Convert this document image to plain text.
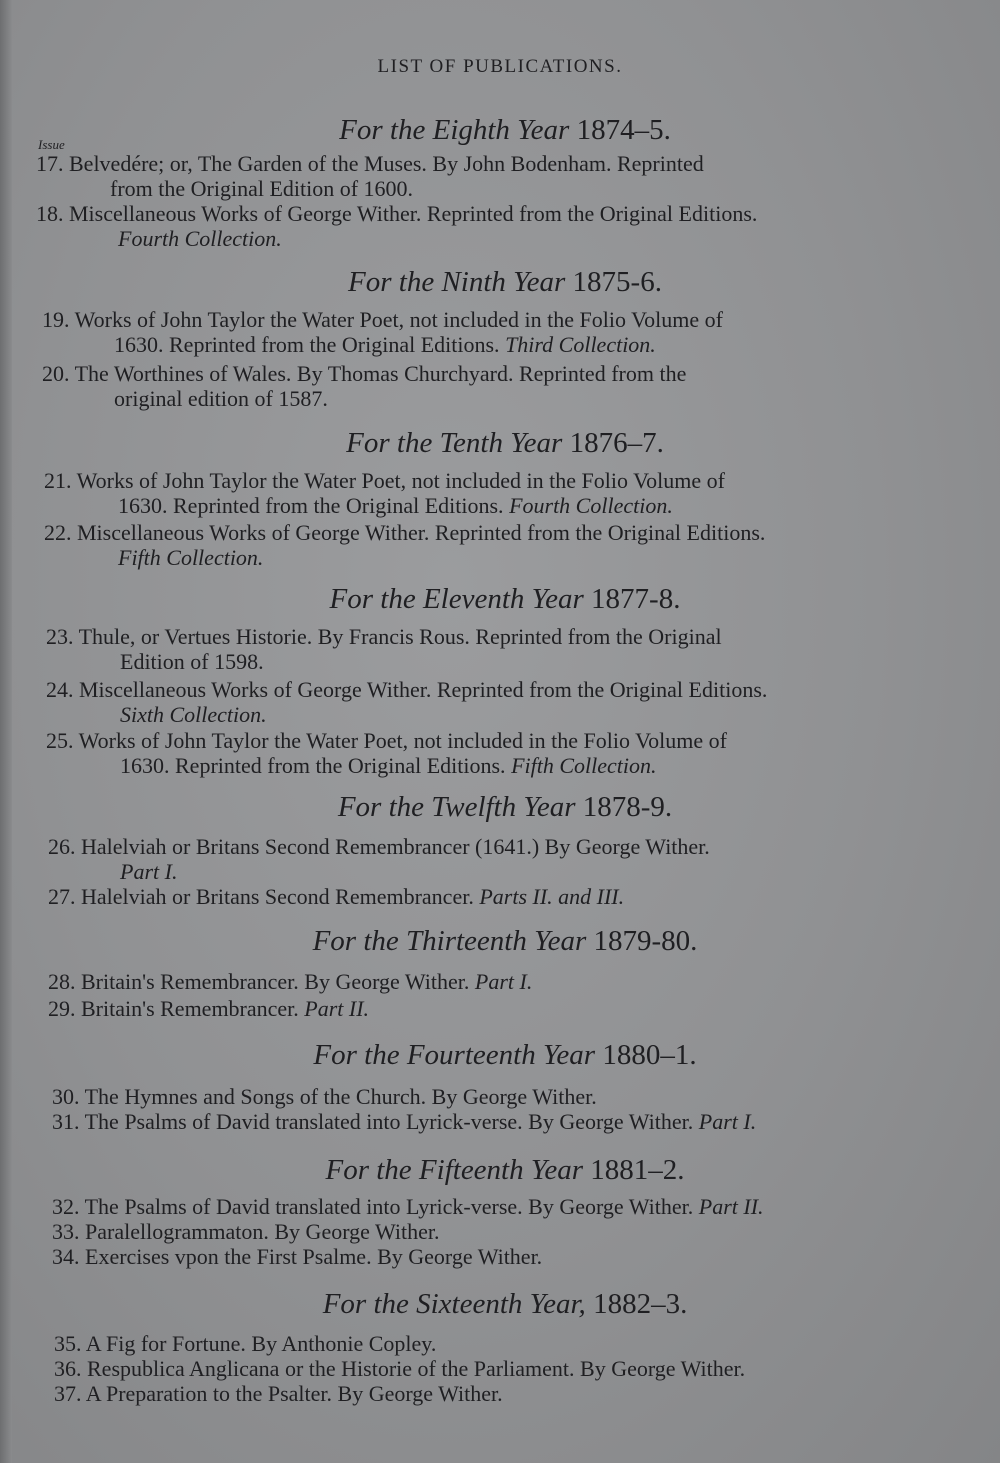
LIST OF PUBLICATIONS.
Issue	For the Eighth Year 1874–5.
For the Ninth Year 1875-6.
For the Tenth Year 1876–7.
For the Eleventh Year 1877-8.
For the Twelfth Year 1878-9.
For the Thirteenth Year 1879-80.
For the Fourteenth Year 1880–1.
For the Fifteenth Year 1881–2.
For the Sixteenth Year, 1882–3.
17. Belvedére; or, The Garden of the Muses. By John Bodenham. Reprinted
from the Original Edition of 1600.
18. Miscellaneous Works of George Wither. Reprinted from the Original Editions.
Fourth Collection.
19. Works of John Taylor the Water Poet, not included in the Folio Volume of
1630. Reprinted from the Original Editions. Third Collection.
20. The Worthines of Wales. By Thomas Churchyard. Reprinted from the
original edition of 1587.
21. Works of John Taylor the Water Poet, not included in the Folio Volume of
1630. Reprinted from the Original Editions. Fourth Collection.
22. Miscellaneous Works of George Wither. Reprinted from the Original Editions.
Fifth Collection.
23. Thule, or Vertues Historie. By Francis Rous. Reprinted from the Original
Edition of 1598.
24. Miscellaneous Works of George Wither. Reprinted from the Original Editions.
Sixth Collection.
25. Works of John Taylor the Water Poet, not included in the Folio Volume of
1630. Reprinted from the Original Editions. Fifth Collection.
26. Halelviah or Britans Second Remembrancer (1641.) By George Wither.
Part I.
27. Halelviah or Britans Second Remembrancer. Parts II. and III.
28. Britain's Remembrancer. By George Wither. Part I.
29. Britain's Remembrancer. Part II.
30. The Hymnes and Songs of the Church. By George Wither.
31. The Psalms of David translated into Lyrick-verse. By George Wither. Part I.
32. The Psalms of David translated into Lyrick-verse. By George Wither. Part II.
33. Paralellogrammaton. By George Wither.
34. Exercises vpon the First Psalme. By George Wither.
35. A Fig for Fortune. By Anthonie Copley.
36. Respublica Anglicana or the Historie of the Parliament. By George Wither.
37. A Preparation to the Psalter. By George Wither.
